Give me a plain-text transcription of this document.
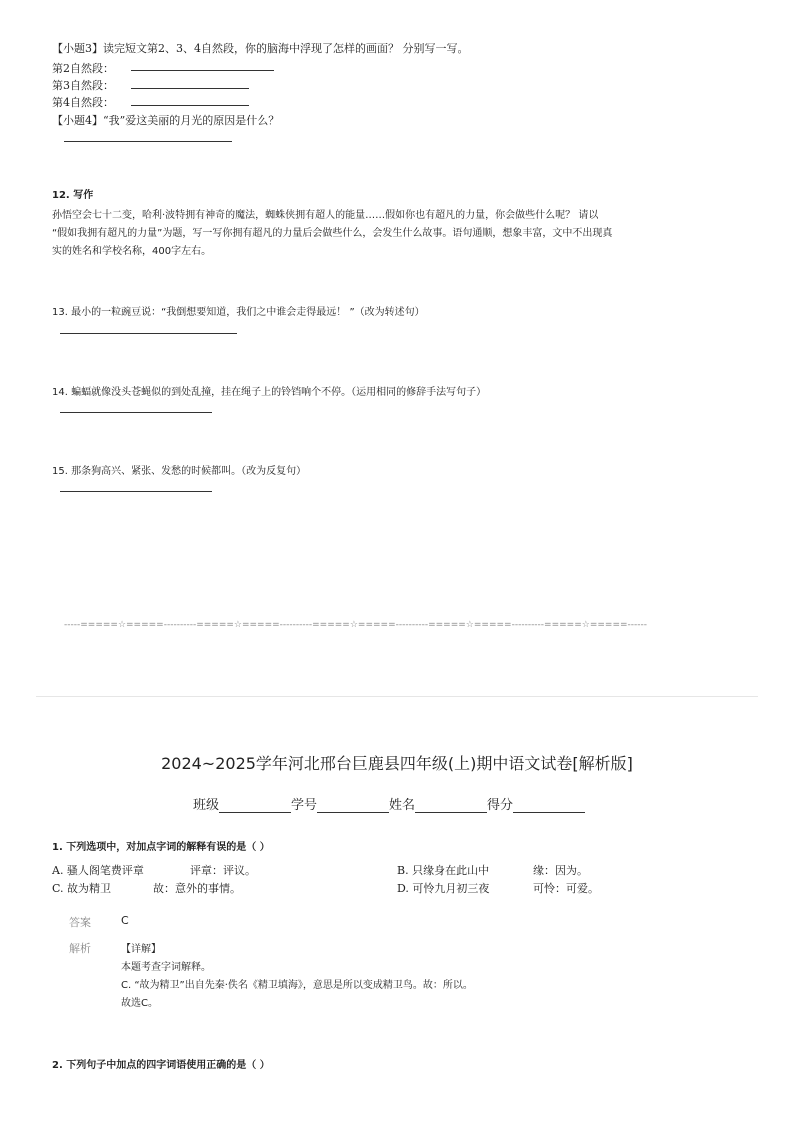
【小题3】读完短文第2、3、4自然段，你的脑海中浮现了怎样的画面？ 分别写一写。
第2自然段：
第3自然段：
第4自然段：
【小题4】“我”爱这美丽的月光的原因是什么？
12. 写作
孙悟空会七十二变，哈利·波特拥有神奇的魔法，蜘蛛侠拥有超人的能量……假如你也有超凡的力量，你会做些什么呢？ 请以
“假如我拥有超凡的力量”为题，写一写你拥有超凡的力量后会做些什么，会发生什么故事。语句通顺，想象丰富，文中不出现真
实的姓名和学校名称，400字左右。
13. 最小的一粒豌豆说：“我倒想要知道，我们之中谁会走得最远！ ”（改为转述句）
14. 蝙蝠就像没头苍蝇似的到处乱撞，挂在绳子上的铃铛响个不停。（运用相同的修辞手法写句子）
15. 那条狗高兴、紧张、发愁的时候都叫。（改为反复句）
-----=====☆=====----------=====☆=====----------=====☆=====----------=====☆=====----------=====☆=====------
2024~2025学年河北邢台巨鹿县四年级(上)期中语文试卷[解析版]
班级	学号	姓名	得分
1. 下列选项中，对加点字词的解释有误的是（ ）
A. 骚人阁笔费评章	评章：评议。	B. 只缘身在此山中	缘：因为。
C. 故为精卫	故：意外的事情。	D. 可怜九月初三夜	可怜：可爱。
答案	C
解析	【详解】
本题考查字词解释。
C. “故为精卫”出自先秦·佚名《精卫填海》，意思是所以变成精卫鸟。故：所以。
故选C。
2. 下列句子中加点的四字词语使用正确的是（ ）
